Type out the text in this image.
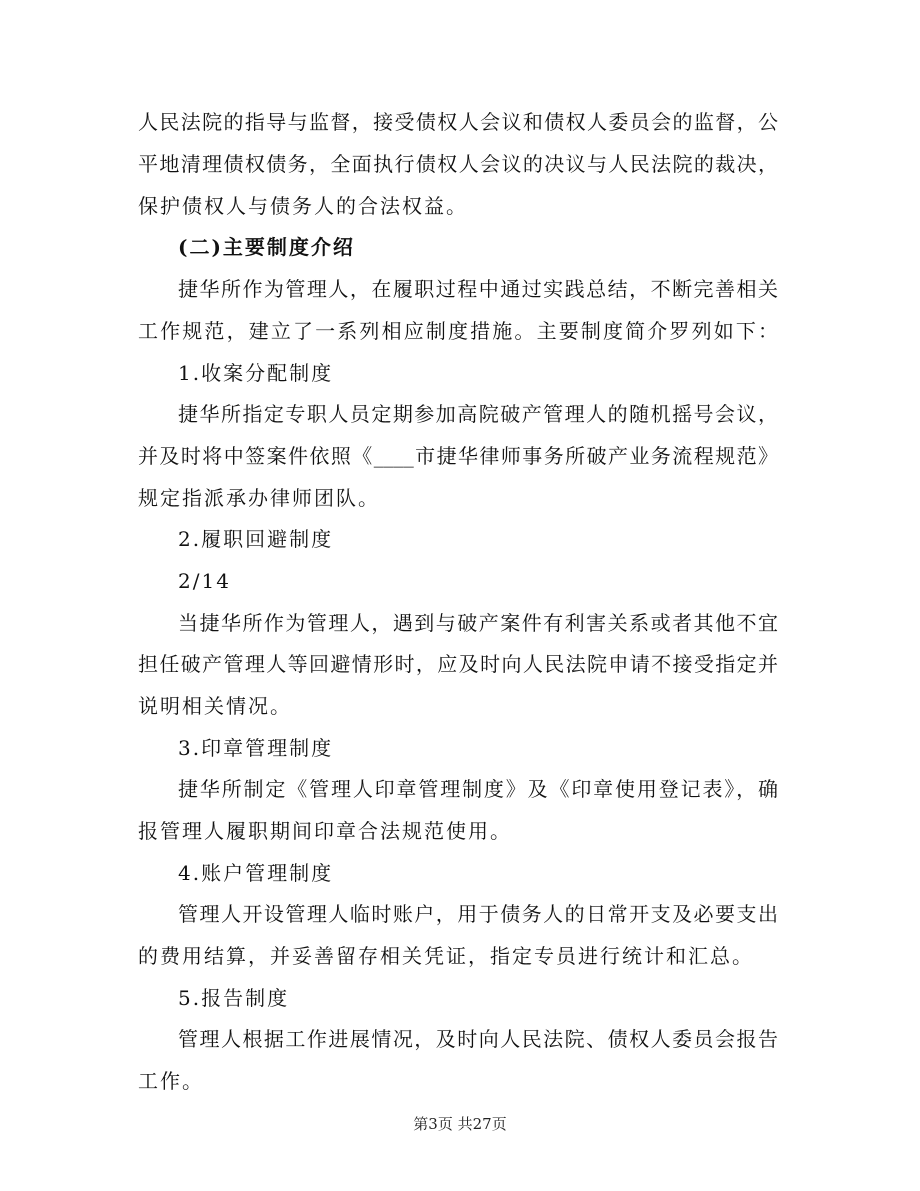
人民法院的指导与监督，接受债权人会议和债权人委员会的监督，公
平地清理债权债务，全面执行债权人会议的决议与人民法院的裁决，
保护债权人与债务人的合法权益。
(二)主要制度介绍
捷华所作为管理人，在履职过程中通过实践总结，不断完善相关
工作规范，建立了一系列相应制度措施。主要制度简介罗列如下：
1.收案分配制度
捷华所指定专职人员定期参加高院破产管理人的随机摇号会议，
并及时将中签案件依照《____市捷华律师事务所破产业务流程规范》
规定指派承办律师团队。
2.履职回避制度
2/14
当捷华所作为管理人，遇到与破产案件有利害关系或者其他不宜
担任破产管理人等回避情形时，应及时向人民法院申请不接受指定并
说明相关情况。
3.印章管理制度
捷华所制定《管理人印章管理制度》及《印章使用登记表》，确
报管理人履职期间印章合法规范使用。
4.账户管理制度
管理人开设管理人临时账户，用于债务人的日常开支及必要支出
的费用结算，并妥善留存相关凭证，指定专员进行统计和汇总。
5.报告制度
管理人根据工作进展情况，及时向人民法院、债权人委员会报告
工作。
第3页 共27页
